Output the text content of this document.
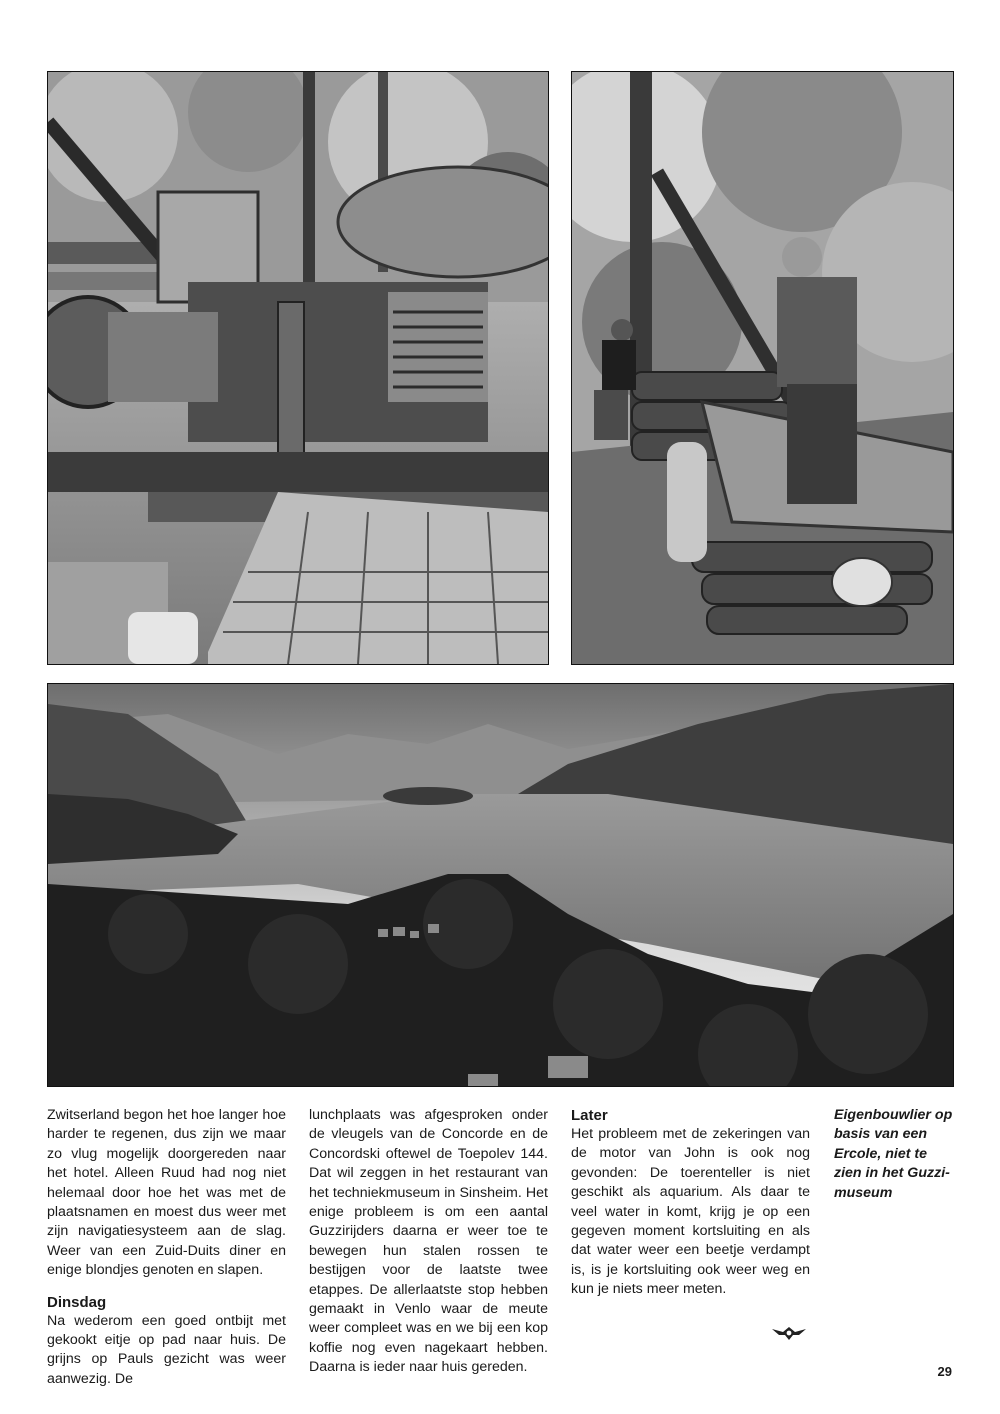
Zwitserland begon het hoe langer hoe harder te regenen, dus zijn we maar zo vlug mogelijk doorgereden naar het hotel. Alleen Ruud had nog niet helemaal door hoe het was met de plaatsnamen en moest dus weer met zijn navigatiesysteem aan de slag. Weer van een Zuid-Duits diner en enige blondjes genoten en slapen.

Dinsdag

Na wederom een goed ontbijt met gekookt eitje op pad naar huis. De grijns op Pauls gezicht was weer aanwezig. De

lunchplaats was afgesproken onder de vleugels van de Concorde en de Concordski oftewel de Toepolev 144. Dat wil zeggen in het restaurant van het techniekmuseum in Sinsheim. Het enige probleem is om een aantal Guzzirijders daarna er weer toe te bewegen hun stalen rossen te bestijgen voor de laatste twee etappes. De allerlaatste stop hebben gemaakt in Venlo waar de meute weer compleet was en we bij een kop koffie nog even nagekaart hebben. Daarna is ieder naar huis gereden.

Later

Het probleem met de zekeringen van de motor van John is ook nog gevonden: De toerenteller is niet geschikt als aquarium. Als daar te veel water in komt, krijg je op een gegeven moment kortsluiting en als dat water weer een beetje verdampt is, is je kortsluiting ook weer weg en kun je niets meer meten.

Eigenbouwlier op basis van een Ercole, niet te zien in het Guzzi-museum
29
